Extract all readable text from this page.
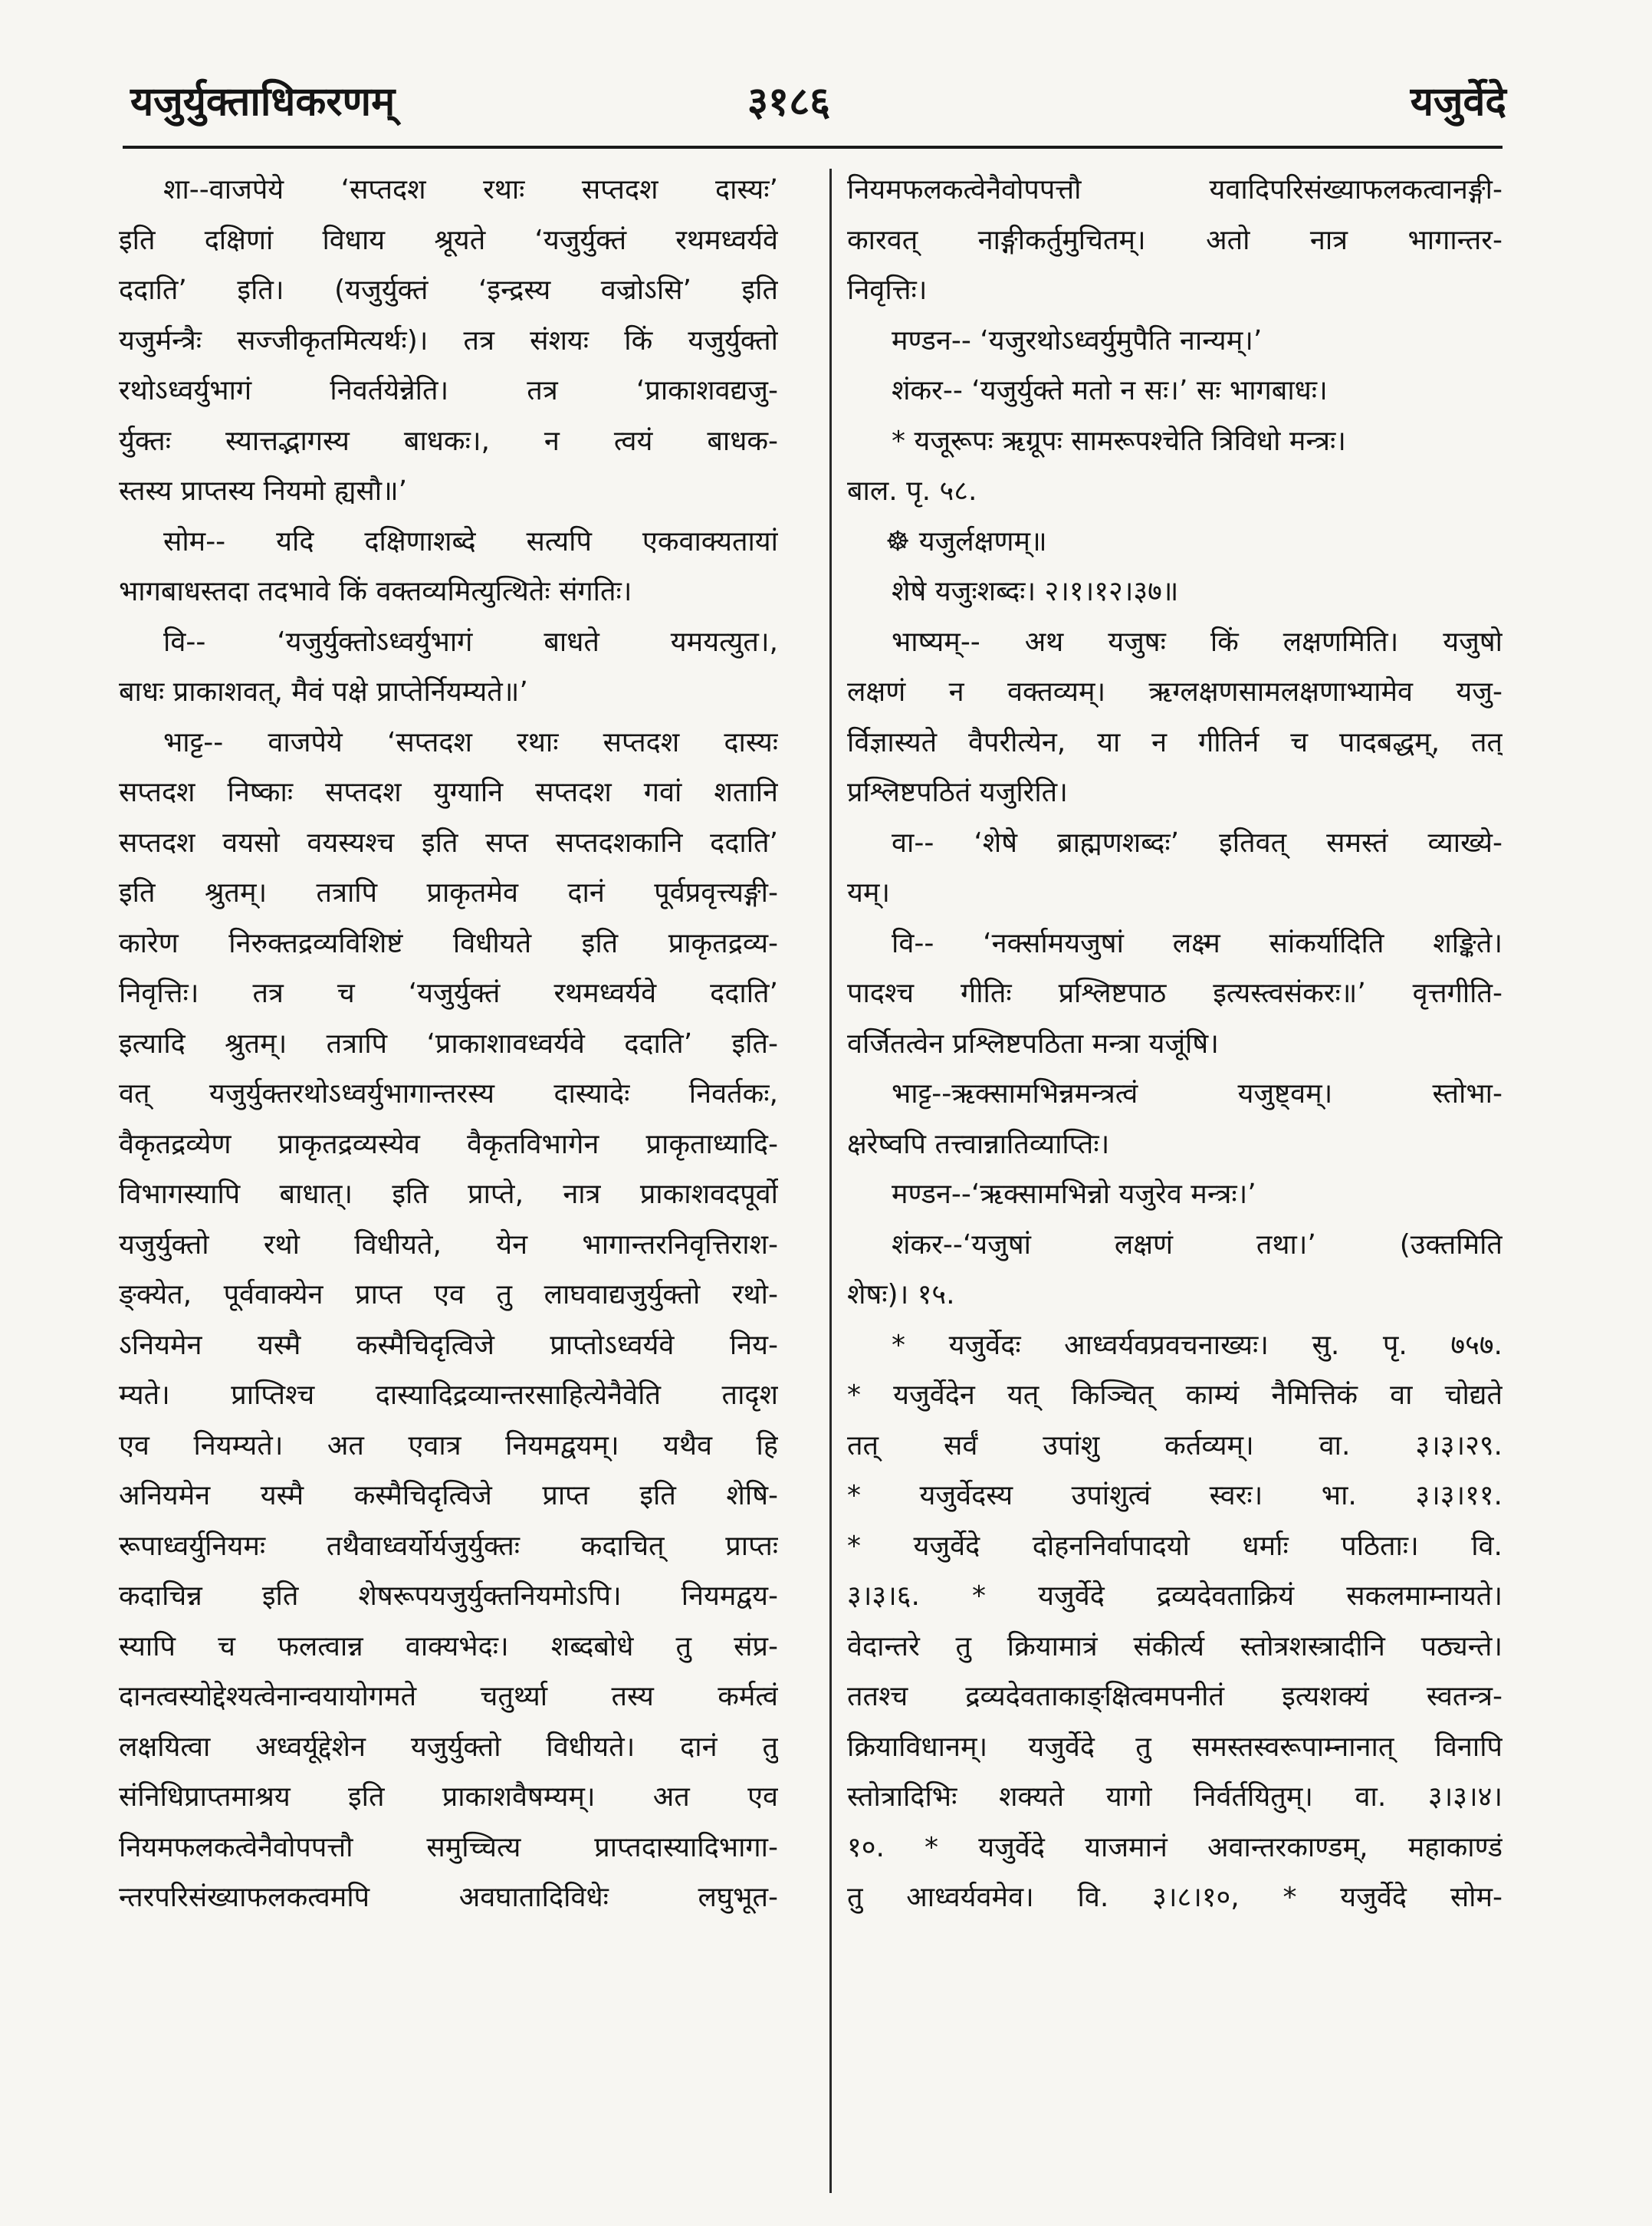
यजुर्युक्ताधिकरणम्	३१८६	यजुर्वेदे
शा--वाजपेये ‘सप्तदश रथाः सप्तदश दास्यः’
इति दक्षिणां विधाय श्रूयते ‘यजुर्युक्तं रथमध्वर्यवे
ददाति’ इति। (यजुर्युक्तं ‘इन्द्रस्य वज्रोऽसि’ इति
यजुर्मन्त्रैः सज्जीकृतमित्यर्थः)। तत्र संशयः किं यजुर्युक्तो
रथोऽध्वर्युभागं निवर्तयेन्नेति। तत्र ‘प्राकाशवद्यजु-
र्युक्तः स्यात्तद्भागस्य बाधकः।, न त्वयं बाधक-
स्तस्य प्राप्तस्य नियमो ह्यसौ॥’
सोम-- यदि दक्षिणाशब्दे सत्यपि एकवाक्यतायां
भागबाधस्तदा तदभावे किं वक्तव्यमित्युत्थितेः संगतिः।
वि-- ‘यजुर्युक्तोऽध्वर्युभागं बाधते यमयत्युत।,
बाधः प्राकाशवत्, मैवं पक्षे प्राप्तेर्नियम्यते॥’
भाट्ट-- वाजपेये ‘सप्तदश रथाः सप्तदश दास्यः
सप्तदश निष्काः सप्तदश युग्यानि सप्तदश गवां शतानि
सप्तदश वयसो वयस्यश्च इति सप्त सप्तदशकानि ददाति’
इति श्रुतम्। तत्रापि प्राकृतमेव दानं पूर्वप्रवृत्त्यङ्गी-
कारेण निरुक्तद्रव्यविशिष्टं विधीयते इति प्राकृतद्रव्य-
निवृत्तिः। तत्र च ‘यजुर्युक्तं रथमध्वर्यवे ददाति’
इत्यादि श्रुतम्। तत्रापि ‘प्राकाशावध्वर्यवे ददाति’ इति-
वत् यजुर्युक्तरथोऽध्वर्युभागान्तरस्य दास्यादेः निवर्तकः,
वैकृतद्रव्येण प्राकृतद्रव्यस्येव वैकृतविभागेन प्राकृताध्यादि-
विभागस्यापि बाधात्। इति प्राप्ते, नात्र प्राकाशवदपूर्वो
यजुर्युक्तो रथो विधीयते, येन भागान्तरनिवृत्तिराश-
ङ्क्येत, पूर्ववाक्येन प्राप्त एव तु लाघवाद्यजुर्युक्तो रथो-
ऽनियमेन यस्मै कस्मैचिदृत्विजे प्राप्तोऽध्वर्यवे निय-
म्यते। प्राप्तिश्च दास्यादिद्रव्यान्तरसाहित्येनैवेति तादृश
एव नियम्यते। अत एवात्र नियमद्वयम्। यथैव हि
अनियमेन यस्मै कस्मैचिदृत्विजे प्राप्त इति शेषि-
रूपाध्वर्युनियमः तथैवाध्वर्योर्यजुर्युक्तः कदाचित् प्राप्तः
कदाचिन्न इति शेषरूपयजुर्युक्तनियमोऽपि। नियमद्वय-
स्यापि च फलत्वान्न वाक्यभेदः। शब्दबोधे तु संप्र-
दानत्वस्योद्देश्यत्वेनान्वयायोगमते चतुर्थ्या तस्य कर्मत्वं
लक्षयित्वा अध्वर्यूद्देशेन यजुर्युक्तो विधीयते। दानं तु
संनिधिप्राप्तमाश्रय इति प्राकाशवैषम्यम्। अत एव
नियमफलकत्वेनैवोपपत्तौ समुच्चित्य प्राप्तदास्यादिभागा-
न्तरपरिसंख्याफलकत्वमपि अवघातादिविधेः लघुभूत-
नियमफलकत्वेनैवोपपत्तौ यवादिपरिसंख्याफलकत्वानङ्गी-
कारवत् नाङ्गीकर्तुमुचितम्। अतो नात्र भागान्तर-
निवृत्तिः।
मण्डन-- ‘यजुरथोऽध्वर्युमुपैति नान्यम्।’
शंकर-- ‘यजुर्युक्ते मतो न सः।’ सः भागबाधः।
* यजूरूपः ऋग्रूपः सामरूपश्चेति त्रिविधो मन्त्रः।
बाल. पृ. ५८.
☸ यजुर्लक्षणम्॥
शेषे यजुःशब्दः। २।१।१२।३७॥
भाष्यम्-- अथ यजुषः किं लक्षणमिति। यजुषो
लक्षणं न वक्तव्यम्। ऋग्लक्षणसामलक्षणाभ्यामेव यजु-
र्विज्ञास्यते वैपरीत्येन, या न गीतिर्न च पादबद्धम्, तत्
प्रश्लिष्टपठितं यजुरिति।
वा-- ‘शेषे ब्राह्मणशब्दः’ इतिवत् समस्तं व्याख्ये-
यम्।
वि-- ‘नर्क्सामयजुषां लक्ष्म सांकर्यादिति शङ्किते।
पादश्च गीतिः प्रश्लिष्टपाठ इत्यस्त्वसंकरः॥’ वृत्तगीति-
वर्जितत्वेन प्रश्लिष्टपठिता मन्त्रा यजूंषि।
भाट्ट--ऋक्सामभिन्नमन्त्रत्वं यजुष्ट्वम्। स्तोभा-
क्षरेष्वपि तत्त्वान्नातिव्याप्तिः।
मण्डन--‘ऋक्सामभिन्नो यजुरेव मन्त्रः।’
शंकर--‘यजुषां लक्षणं तथा।’ (उक्तमिति
शेषः)। १५.
* यजुर्वेदः आध्वर्यवप्रवचनाख्यः। सु. पृ. ७५७.
* यजुर्वेदेन यत् किञ्चित् काम्यं नैमित्तिकं वा चोद्यते
तत् सर्वं उपांशु कर्तव्यम्। वा. ३।३।२९.
* यजुर्वेदस्य उपांशुत्वं स्वरः। भा. ३।३।११.
* यजुर्वेदे दोहननिर्वापादयो धर्माः पठिताः। वि.
३।३।६. * यजुर्वेदे द्रव्यदेवताक्रियं सकलमाम्नायते।
वेदान्तरे तु क्रियामात्रं संकीर्त्य स्तोत्रशस्त्रादीनि पठ्यन्ते।
ततश्च द्रव्यदेवताकाङ्क्षित्वमपनीतं इत्यशक्यं स्वतन्त्र-
क्रियाविधानम्। यजुर्वेदे तु समस्तस्वरूपाम्नानात् विनापि
स्तोत्रादिभिः शक्यते यागो निर्वर्तयितुम्। वा. ३।३।४।
१०. * यजुर्वेदे याजमानं अवान्तरकाण्डम्, महाकाण्डं
तु आध्वर्यवमेव। वि. ३।८।१०, * यजुर्वेदे सोम-
